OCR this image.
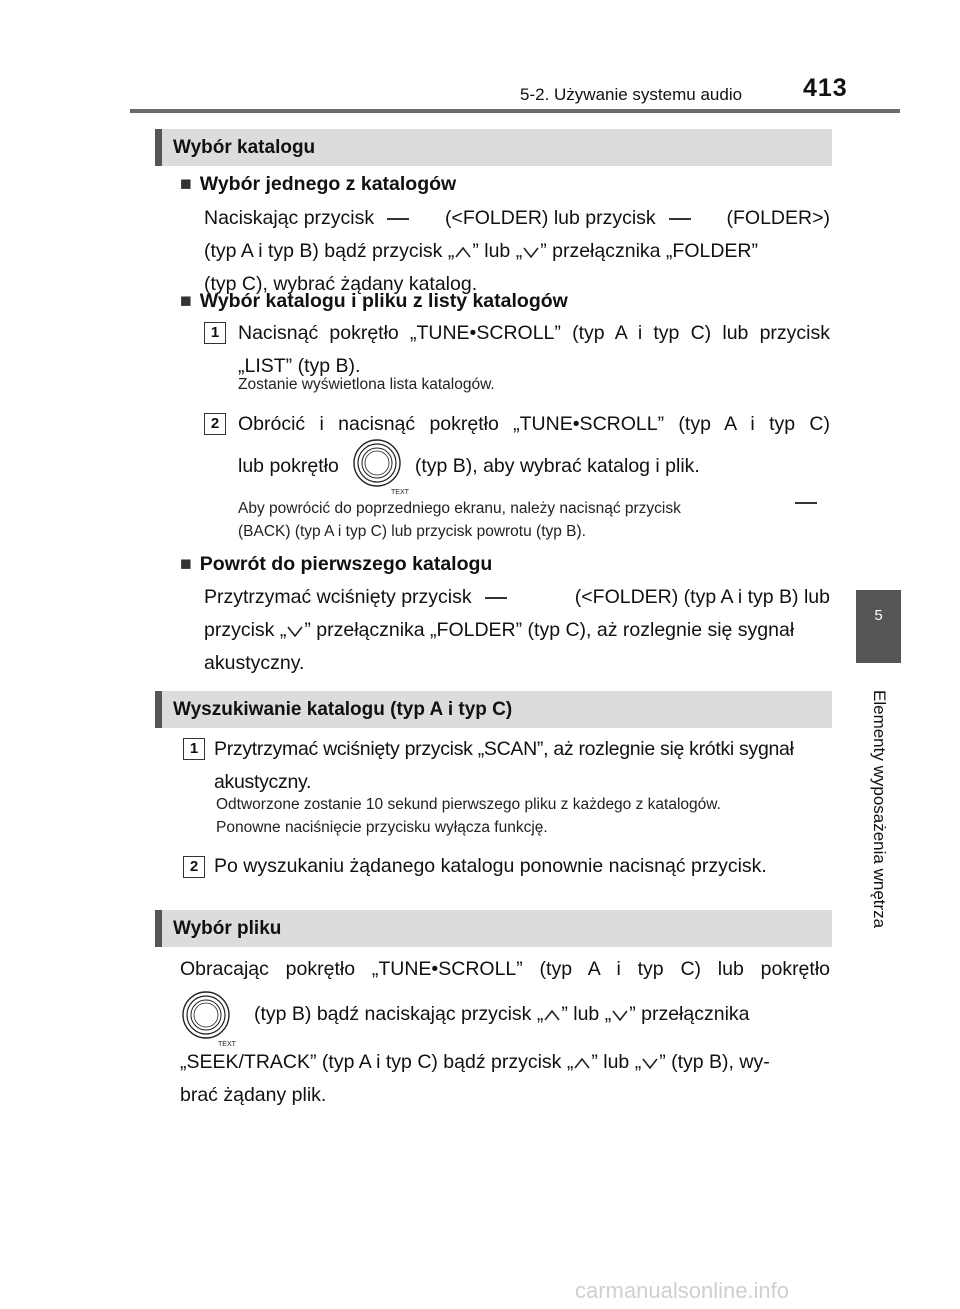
5-2. Używanie systemu audio 413
5
Elementy wyposażenia wnętrza
Wybór katalogu
■ Wybór jednego z katalogów
Naciskając przycisk	(<FOLDER) lub przycisk	(FOLDER>)
(typ A i typ B) bądź przycisk „ ” lub „ ” przełącznika „FOLDER”
(typ C), wybrać żądany katalog.
■ Wybór katalogu i pliku z listy katalogów
1 Nacisnąć pokrętło „TUNE•SCROLL” (typ A i typ C) lub przycisk
„LIST” (typ B).
Zostanie wyświetlona lista katalogów.
2 Obrócić i nacisnąć pokrętło „TUNE•SCROLL” (typ A i typ C)
lub pokrętło
TEXT
(typ B), aby wybrać katalog i plik.
Aby powrócić do poprzedniego ekranu, należy nacisnąć przycisk
(BACK) (typ A i typ C) lub przycisk powrotu (typ B).
■ Powrót do pierwszego katalogu
Przytrzymać wciśnięty przycisk	(<FOLDER) (typ A i typ B) lub
przycisk „ ” przełącznika „FOLDER” (typ C), aż rozlegnie się sygnał
akustyczny.
Wyszukiwanie katalogu (typ A i typ C)
1 Przytrzymać wciśnięty przycisk „SCAN”, aż rozlegnie się krótki sygnał
akustyczny.
Odtworzone zostanie 10 sekund pierwszego pliku z każdego z katalogów.
Ponowne naciśnięcie przycisku wyłącza funkcję.
2 Po wyszukaniu żądanego katalogu ponownie nacisnąć przycisk.
Wybór pliku
Obracając pokrętło „TUNE•SCROLL” (typ A i typ C) lub pokrętło
TEXT
(typ B) bądź naciskając przycisk „ ” lub „ ” przełącznika
„SEEK/TRACK” (typ A i typ C) bądź przycisk „ ” lub „ ” (typ B), wy-
brać żądany plik.
carmanualsonline.info
